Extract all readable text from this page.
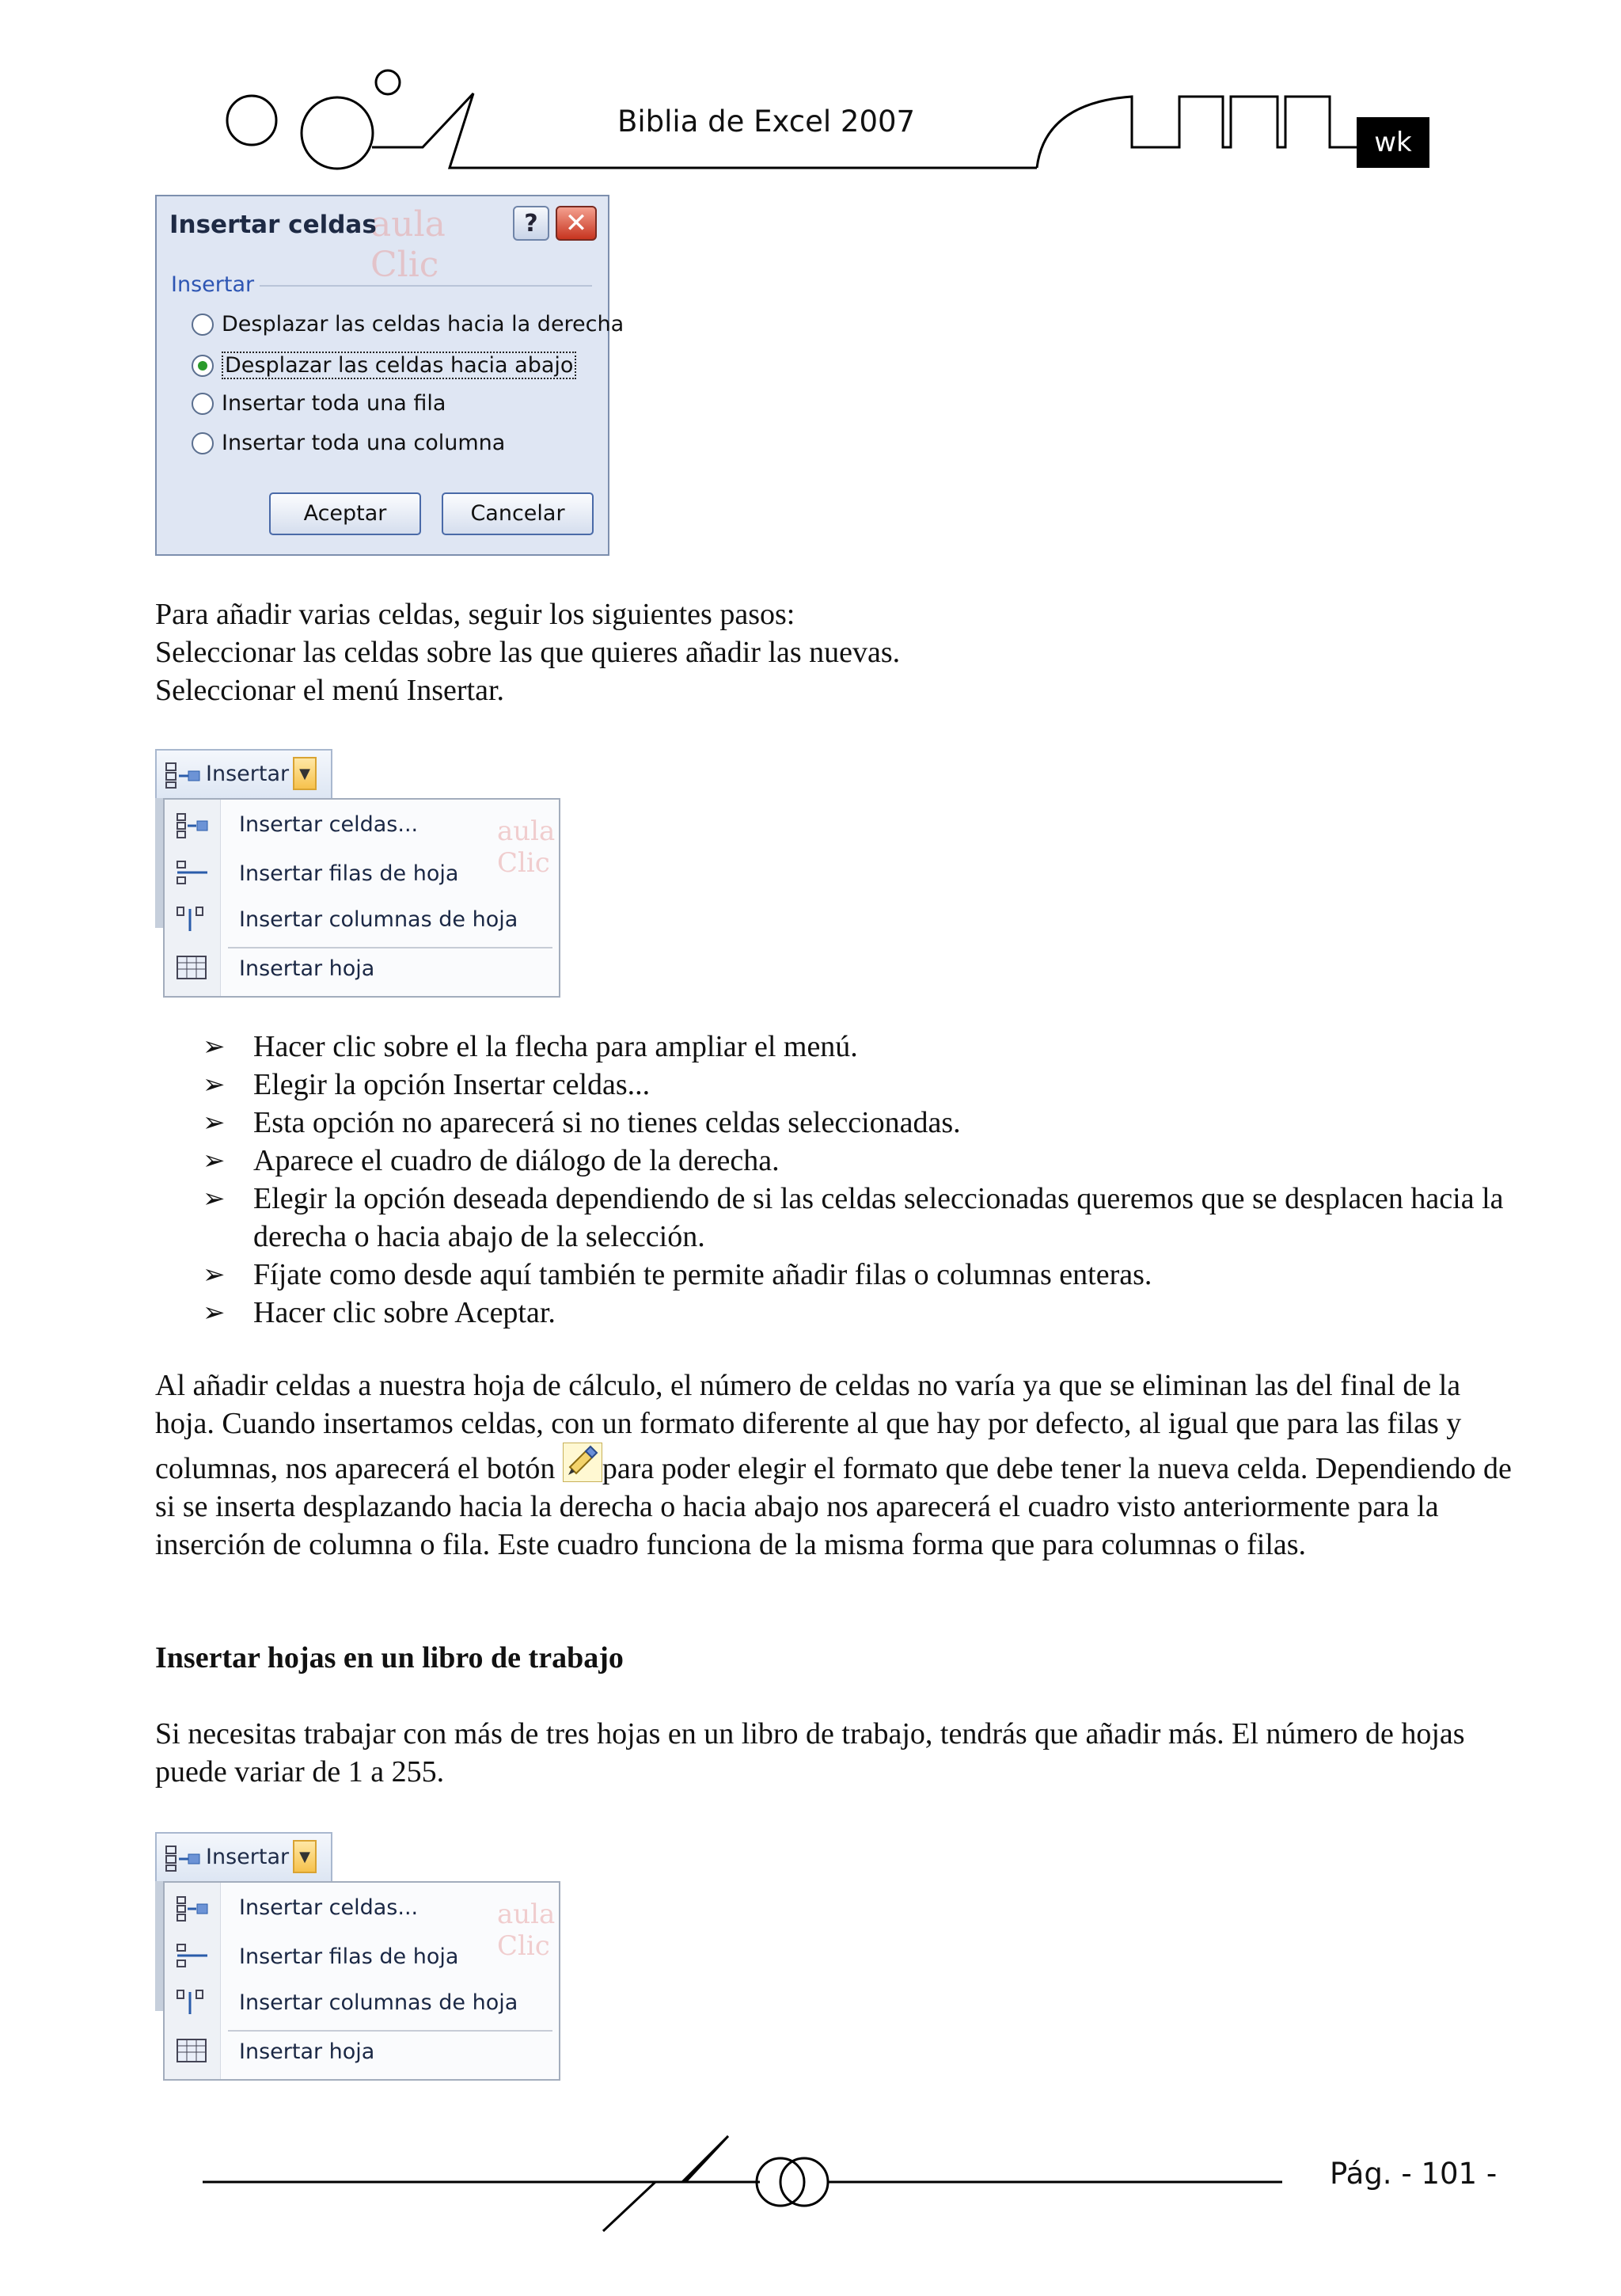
Biblia de Excel 2007
wk
aula
Clic
Insertar celdas	?	✕
Insertar
Desplazar las celdas hacia la derecha
Desplazar las celdas hacia abajo
Insertar toda una fila
Insertar toda una columna
Aceptar	Cancelar
Para añadir varias celdas, seguir los siguientes pasos:
Seleccionar las celdas sobre las que quieres añadir las nuevas.
Seleccionar el menú Insertar.
Insertar ▼
aula
Clic
Insertar celdas...
Insertar filas de hoja
Insertar columnas de hoja
Insertar hoja
➢ Hacer clic sobre el la flecha para ampliar el menú.
➢ Elegir la opción Insertar celdas...
➢ Esta opción no aparecerá si no tienes celdas seleccionadas.
➢ Aparece el cuadro de diálogo de la derecha.
➢ Elegir la opción deseada dependiendo de si las celdas seleccionadas queremos que se desplacen hacia la derecha o hacia abajo de la selección.
➢ Fíjate como desde aquí también te permite añadir filas o columnas enteras.
➢ Hacer clic sobre Aceptar.
Al añadir celdas a nuestra hoja de cálculo, el número de celdas no varía ya que se eliminan las del final de la hoja. Cuando insertamos celdas, con un formato diferente al que hay por defecto, al igual que para las filas y columnas, nos aparecerá el botón para poder elegir el formato que debe tener la nueva celda. Dependiendo de si se inserta desplazando hacia la derecha o hacia abajo nos aparecerá el cuadro visto anteriormente para la inserción de columna o fila. Este cuadro funciona de la misma forma que para columnas o filas.
Insertar hojas en un libro de trabajo
Si necesitas trabajar con más de tres hojas en un libro de trabajo, tendrás que añadir más. El número de hojas puede variar de 1 a 255.
Insertar ▼
aula
Clic
Insertar celdas...
Insertar filas de hoja
Insertar columnas de hoja
Insertar hoja
Pág. - 101 -
